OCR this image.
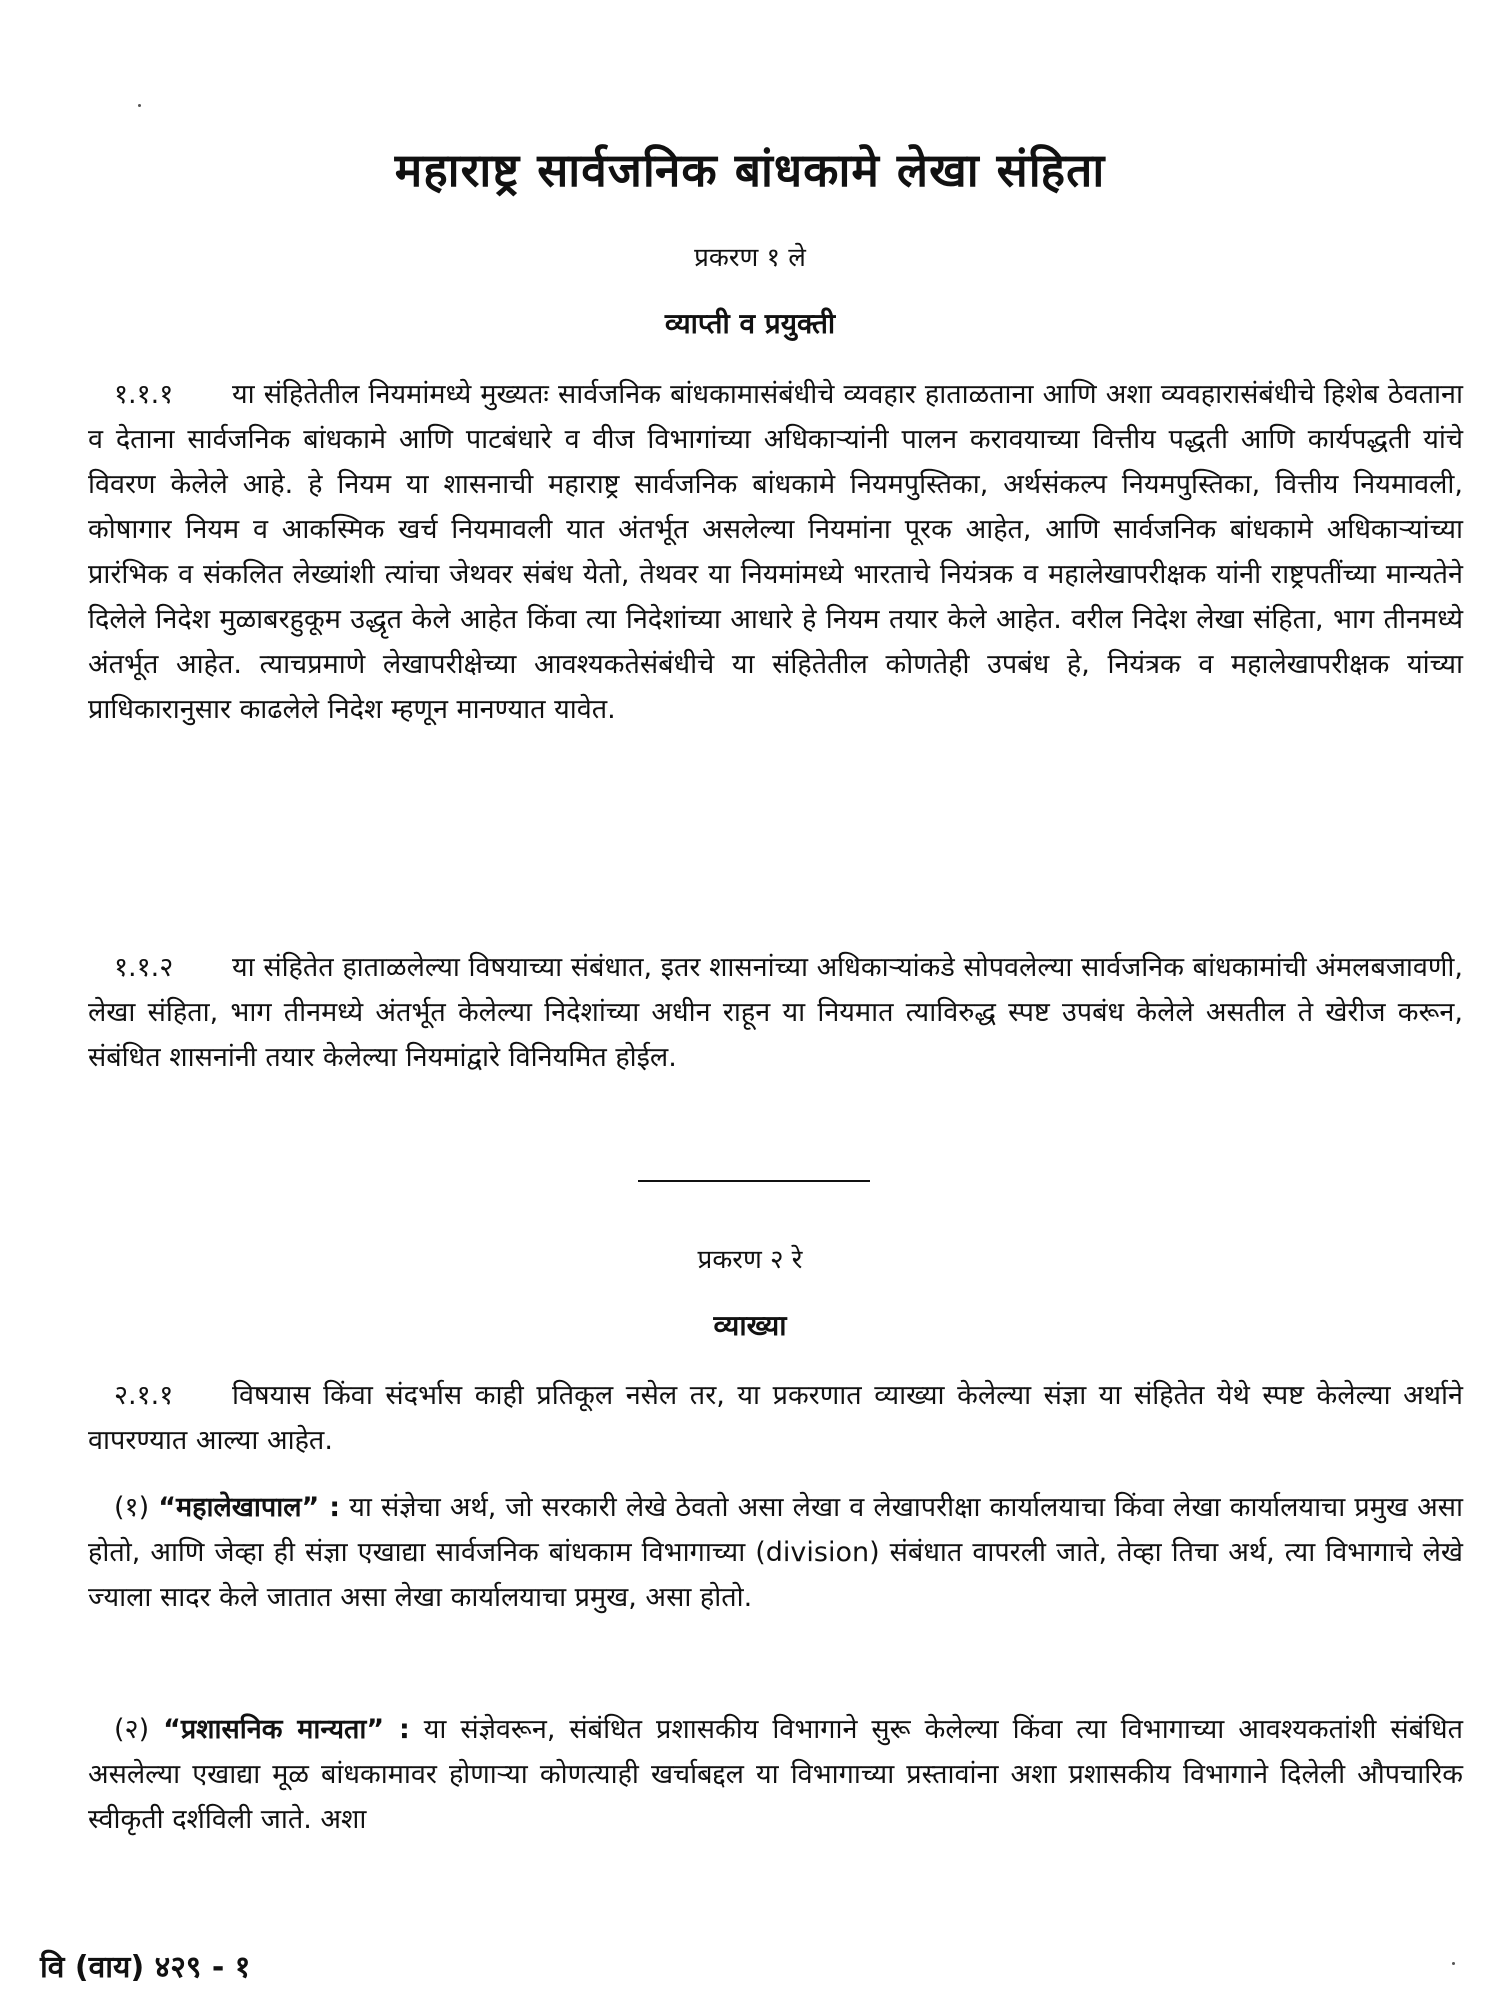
महाराष्ट्र सार्वजनिक बांधकामे लेखा संहिता
प्रकरण १ ले
व्याप्ती व प्रयुक्ती

१.१.१ या संहितेतील नियमांमध्ये मुख्यतः सार्वजनिक बांधकामासंबंधीचे व्यवहार हाताळताना आणि अशा व्यवहारासंबंधीचे हिशेब ठेवताना व देताना सार्वजनिक बांधकामे आणि पाटबंधारे व वीज विभागांच्या अधिकाऱ्यांनी पालन करावयाच्या वित्तीय पद्धती आणि कार्यपद्धती यांचे विवरण केलेले आहे. हे नियम या शासनाची महाराष्ट्र सार्वजनिक बांधकामे नियमपुस्तिका, अर्थसंकल्प नियमपुस्तिका, वित्तीय नियमावली, कोषागार नियम व आकस्मिक खर्च नियमावली यात अंतर्भूत असलेल्या नियमांना पूरक आहेत, आणि सार्वजनिक बांधकामे अधिकाऱ्यांच्या प्रारंभिक व संकलित लेख्यांशी त्यांचा जेथवर संबंध येतो, तेथवर या नियमांमध्ये भारताचे नियंत्रक व महालेखापरीक्षक यांनी राष्ट्रपतींच्या मान्यतेने दिलेले निदेश मुळाबरहुकूम उद्धृत केले आहेत किंवा त्या निदेशांच्या आधारे हे नियम तयार केले आहेत. वरील निदेश लेखा संहिता, भाग तीनमध्ये अंतर्भूत आहेत. त्याचप्रमाणे लेखापरीक्षेच्या आवश्यकतेसंबंधीचे या संहितेतील कोणतेही उपबंध हे, नियंत्रक व महालेखापरीक्षक यांच्या प्राधिकारानुसार काढलेले निदेश म्हणून मानण्यात यावेत.

१.१.२ या संहितेत हाताळलेल्या विषयाच्या संबंधात, इतर शासनांच्या अधिकाऱ्यांकडे सोपवलेल्या सार्वजनिक बांधकामांची अंमलबजावणी, लेखा संहिता, भाग तीनमध्ये अंतर्भूत केलेल्या निदेशांच्या अधीन राहून या नियमात त्याविरुद्ध स्पष्ट उपबंध केलेले असतील ते खेरीज करून, संबंधित शासनांनी तयार केलेल्या नियमांद्वारे विनियमित होईल.

प्रकरण २ रे
व्याख्या

२.१.१ विषयास किंवा संदर्भास काही प्रतिकूल नसेल तर, या प्रकरणात व्याख्या केलेल्या संज्ञा या संहितेत येथे स्पष्ट केलेल्या अर्थाने वापरण्यात आल्या आहेत.

(१) “महालेखापाल” : या संज्ञेचा अर्थ, जो सरकारी लेखे ठेवतो असा लेखा व लेखापरीक्षा कार्यालयाचा किंवा लेखा कार्यालयाचा प्रमुख असा होतो, आणि जेव्हा ही संज्ञा एखाद्या सार्वजनिक बांधकाम विभागाच्या (division) संबंधात वापरली जाते, तेव्हा तिचा अर्थ, त्या विभागाचे लेखे ज्याला सादर केले जातात असा लेखा कार्यालयाचा प्रमुख, असा होतो.

(२) “प्रशासनिक मान्यता” : या संज्ञेवरून, संबंधित प्रशासकीय विभागाने सुरू केलेल्या किंवा त्या विभागाच्या आवश्यकतांशी संबंधित असलेल्या एखाद्या मूळ बांधकामावर होणाऱ्या कोणत्याही खर्चाबद्दल या विभागाच्या प्रस्तावांना अशा प्रशासकीय विभागाने दिलेली औपचारिक स्वीकृती दर्शविली जाते. अशा

वि (वाय) ४२९ - १
